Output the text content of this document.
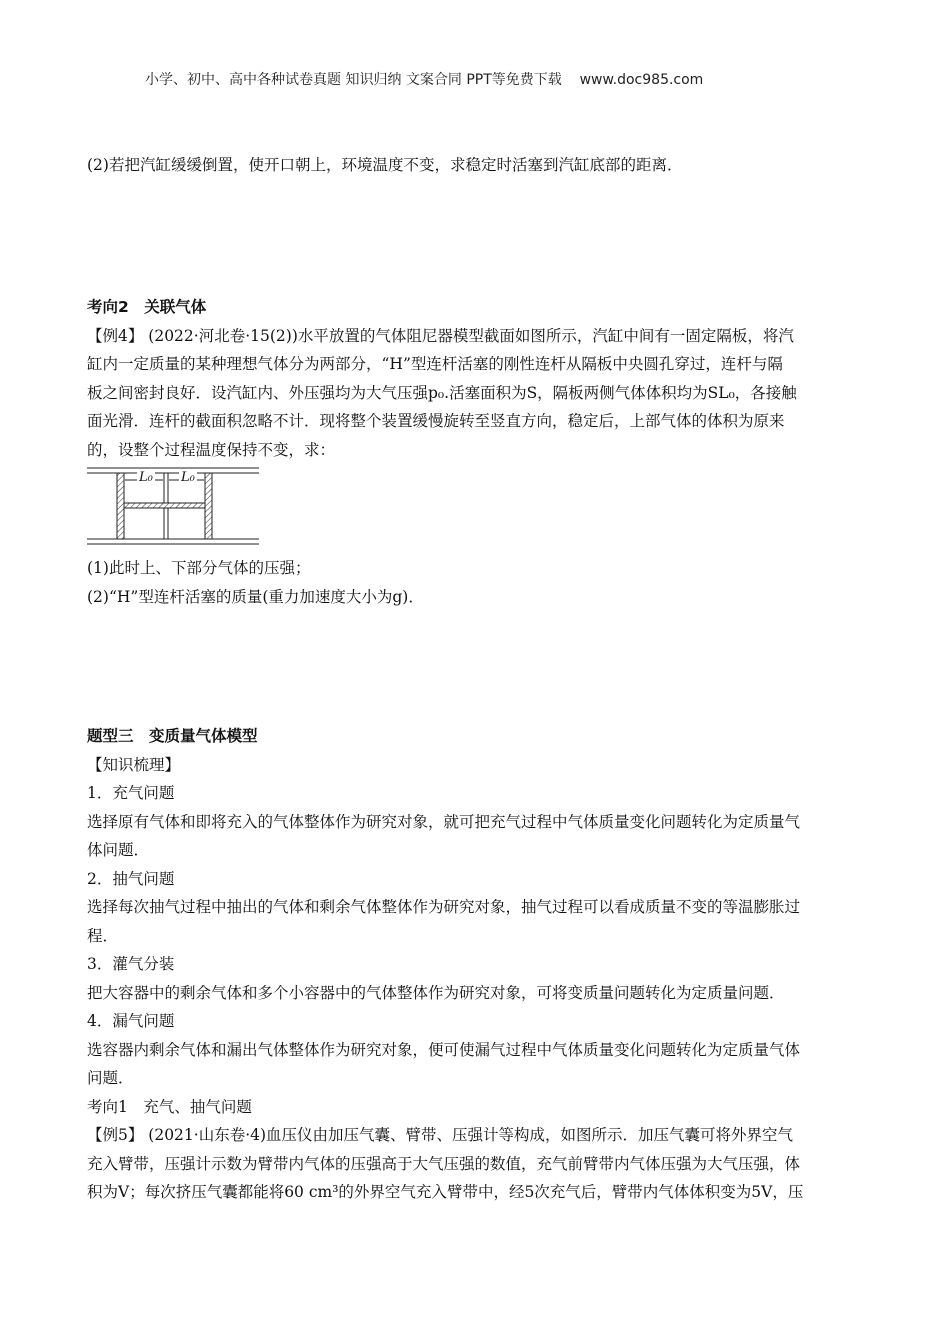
小学、初中、高中各种试卷真题 知识归纳 文案合同 PPT等免费下载    www.doc985.com
(2)若把汽缸缓缓倒置，使开口朝上，环境温度不变，求稳定时活塞到汽缸底部的距离．
考向2　关联气体
【例4】 (2022·河北卷·15(2))水平放置的气体阻尼器模型截面如图所示，汽缸中间有一固定隔板，将汽
缸内一定质量的某种理想气体分为两部分，“H”型连杆活塞的刚性连杆从隔板中央圆孔穿过，连杆与隔
板之间密封良好．设汽缸内、外压强均为大气压强p₀.活塞面积为S，隔板两侧气体体积均为SL₀，各接触
面光滑．连杆的截面积忽略不计．现将整个装置缓慢旋转至竖直方向，稳定后，上部气体的体积为原来
的，设整个过程温度保持不变，求：
L₀ L₀
(1)此时上、下部分气体的压强；
(2)“H”型连杆活塞的质量(重力加速度大小为g)．
题型三　变质量气体模型
【知识梳理】
1．充气问题
选择原有气体和即将充入的气体整体作为研究对象，就可把充气过程中气体质量变化问题转化为定质量气
体问题．
2．抽气问题
选择每次抽气过程中抽出的气体和剩余气体整体作为研究对象，抽气过程可以看成质量不变的等温膨胀过
程．
3．灌气分装
把大容器中的剩余气体和多个小容器中的气体整体作为研究对象，可将变质量问题转化为定质量问题．
4．漏气问题
选容器内剩余气体和漏出气体整体作为研究对象，便可使漏气过程中气体质量变化问题转化为定质量气体
问题．
考向1　充气、抽气问题
【例5】 (2021·山东卷·4)血压仪由加压气囊、臂带、压强计等构成，如图所示．加压气囊可将外界空气
充入臂带，压强计示数为臂带内气体的压强高于大气压强的数值，充气前臂带内气体压强为大气压强，体
积为V；每次挤压气囊都能将60 cm³的外界空气充入臂带中，经5次充气后，臂带内气体体积变为5V，压
